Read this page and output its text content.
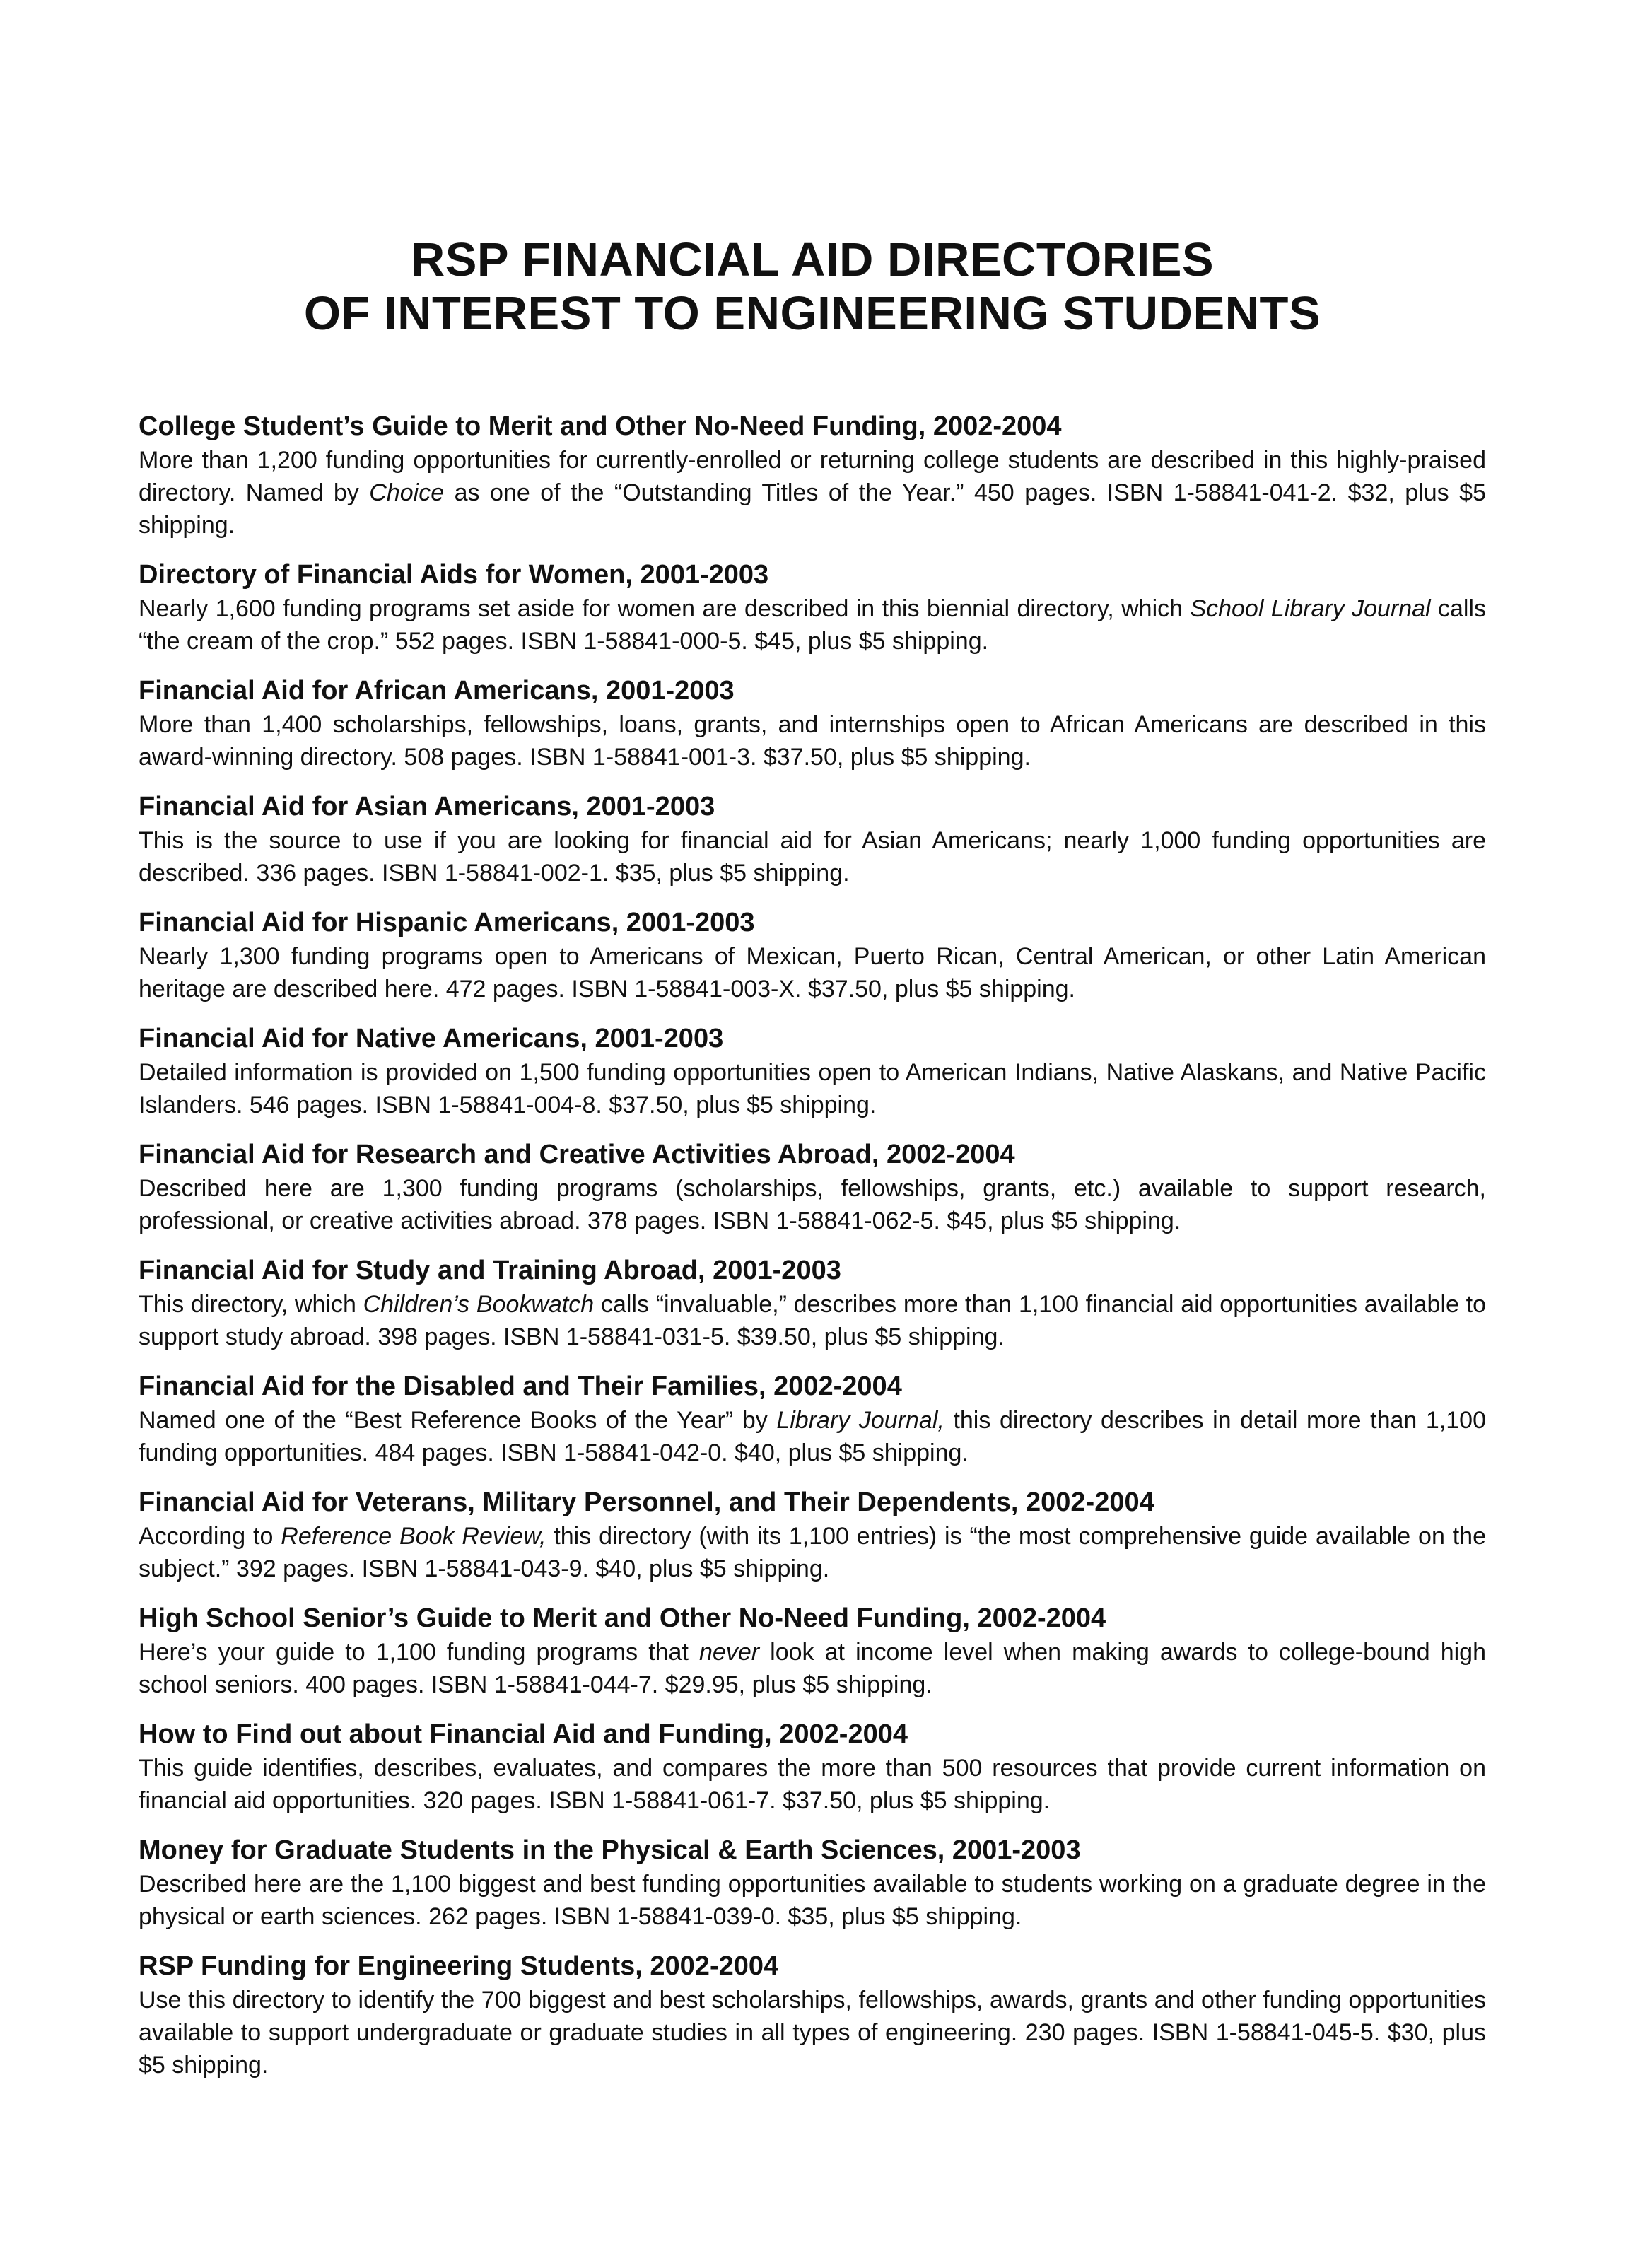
RSP FINANCIAL AID DIRECTORIES
OF INTEREST TO ENGINEERING STUDENTS

College Student’s Guide to Merit and Other No-Need Funding, 2002-2004

More than 1,200 funding opportunities for currently-enrolled or returning college students are described in this highly-praised directory. Named by Choice as one of the “Outstanding Titles of the Year.” 450 pages. ISBN 1-58841-041-2. $32, plus $5 shipping.

Directory of Financial Aids for Women, 2001-2003

Nearly 1,600 funding programs set aside for women are described in this biennial directory, which School Library Journal calls “the cream of the crop.” 552 pages. ISBN 1-58841-000-5. $45, plus $5 shipping.

Financial Aid for African Americans, 2001-2003

More than 1,400 scholarships, fellowships, loans, grants, and internships open to African Americans are described in this award-winning directory. 508 pages. ISBN 1-58841-001-3. $37.50, plus $5 shipping.

Financial Aid for Asian Americans, 2001-2003

This is the source to use if you are looking for financial aid for Asian Americans; nearly 1,000 funding opportunities are described. 336 pages. ISBN 1-58841-002-1. $35, plus $5 shipping.

Financial Aid for Hispanic Americans, 2001-2003

Nearly 1,300 funding programs open to Americans of Mexican, Puerto Rican, Central American, or other Latin American heritage are described here. 472 pages. ISBN 1-58841-003-X. $37.50, plus $5 shipping.

Financial Aid for Native Americans, 2001-2003

Detailed information is provided on 1,500 funding opportunities open to American Indians, Native Alaskans, and Native Pacific Islanders. 546 pages. ISBN 1-58841-004-8. $37.50, plus $5 shipping.

Financial Aid for Research and Creative Activities Abroad, 2002-2004

Described here are 1,300 funding programs (scholarships, fellowships, grants, etc.) available to support research, professional, or creative activities abroad. 378 pages. ISBN 1-58841-062-5. $45, plus $5 shipping.

Financial Aid for Study and Training Abroad, 2001-2003

This directory, which Children’s Bookwatch calls “invaluable,” describes more than 1,100 financial aid opportunities available to support study abroad. 398 pages. ISBN 1-58841-031-5. $39.50, plus $5 shipping.

Financial Aid for the Disabled and Their Families, 2002-2004

Named one of the “Best Reference Books of the Year” by Library Journal, this directory describes in detail more than 1,100 funding opportunities. 484 pages. ISBN 1-58841-042-0. $40, plus $5 shipping.

Financial Aid for Veterans, Military Personnel, and Their Dependents, 2002-2004

According to Reference Book Review, this directory (with its 1,100 entries) is “the most comprehensive guide available on the subject.” 392 pages. ISBN 1-58841-043-9. $40, plus $5 shipping.

High School Senior’s Guide to Merit and Other No-Need Funding, 2002-2004

Here’s your guide to 1,100 funding programs that never look at income level when making awards to college-bound high school seniors. 400 pages. ISBN 1-58841-044-7. $29.95, plus $5 shipping.

How to Find out about Financial Aid and Funding, 2002-2004

This guide identifies, describes, evaluates, and compares the more than 500 resources that provide current information on financial aid opportunities. 320 pages. ISBN 1-58841-061-7. $37.50, plus $5 shipping.

Money for Graduate Students in the Physical & Earth Sciences, 2001-2003

Described here are the 1,100 biggest and best funding opportunities available to students working on a graduate degree in the physical or earth sciences. 262 pages. ISBN 1-58841-039-0. $35, plus $5 shipping.

RSP Funding for Engineering Students, 2002-2004

Use this directory to identify the 700 biggest and best scholarships, fellowships, awards, grants and other funding opportunities available to support undergraduate or graduate studies in all types of engineering. 230 pages. ISBN 1-58841-045-5. $30, plus $5 shipping.
